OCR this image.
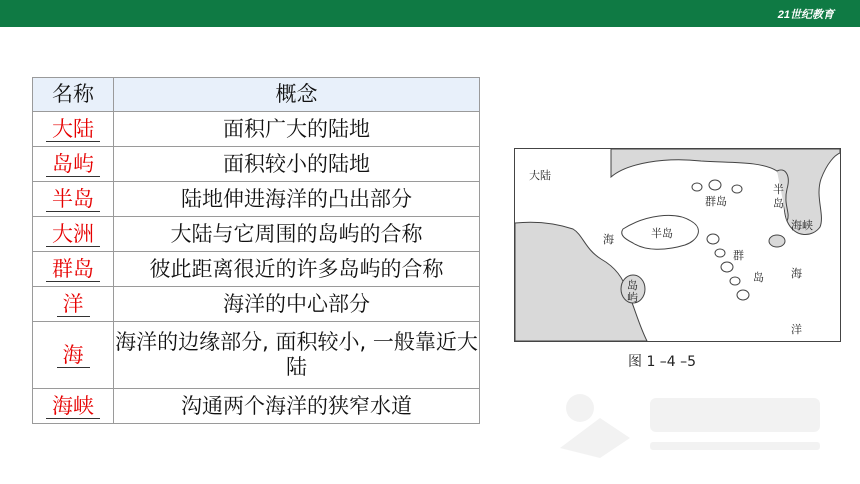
21世纪教育
名称	概念
大陆	面积广大的陆地
岛屿	面积较小的陆地
半岛	陆地伸进海洋的凸出部分
大洲	大陆与它周围的岛屿的合称
群岛	彼此距离很近的许多岛屿的合称
洋	海洋的中心部分
海	海洋的边缘部分, 面积较小, 一般靠近大陆
海峡	沟通两个海洋的狭窄水道
大陆
半岛
海
群岛
半
岛
海峡
岛
屿
群
岛 海
洋
图 1 –4 –5
